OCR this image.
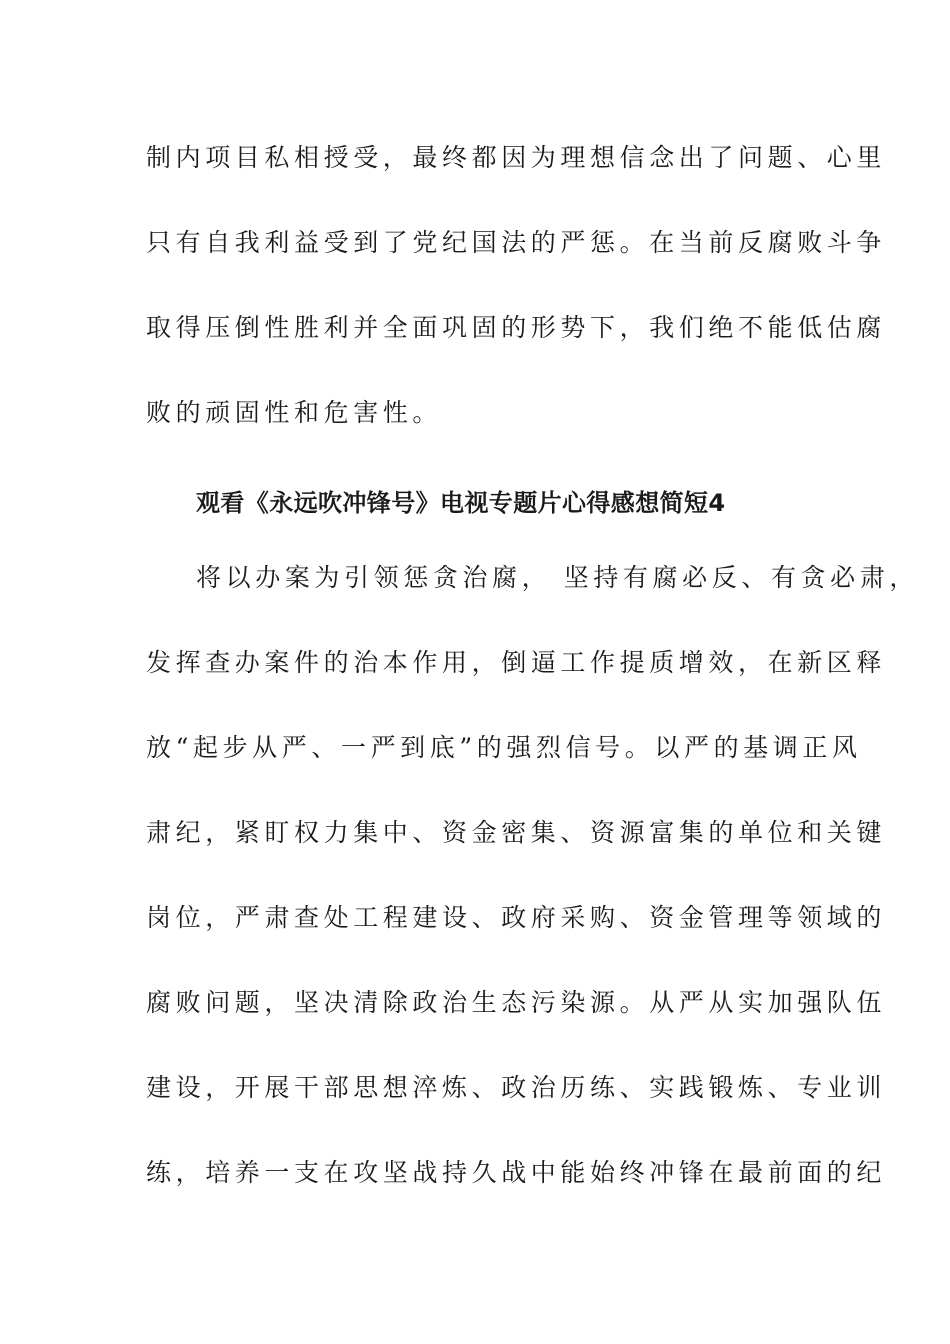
制内项目私相授受，最终都因为理想信念出了问题、心里
只有自我利益受到了党纪国法的严惩。在当前反腐败斗争
取得压倒性胜利并全面巩固的形势下，我们绝不能低估腐
败的顽固性和危害性。
观看《永远吹冲锋号》电视专题片心得感想简短4
将以办案为引领惩贪治腐， 坚持有腐必反、有贪必肃，
发挥查办案件的治本作用，倒逼工作提质增效，在新区释
放“起步从严、一严到底”的强烈信号。以严的基调正风
肃纪，紧盯权力集中、资金密集、资源富集的单位和关键
岗位，严肃查处工程建设、政府采购、资金管理等领域的
腐败问题，坚决清除政治生态污染源。从严从实加强队伍
建设，开展干部思想淬炼、政治历练、实践锻炼、专业训
练，培养一支在攻坚战持久战中能始终冲锋在最前面的纪
